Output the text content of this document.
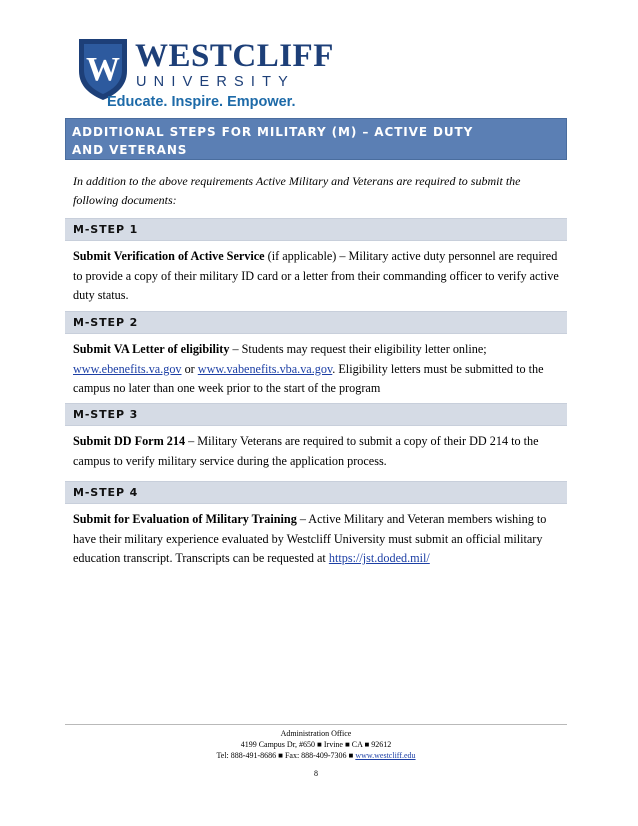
W WESTCLIFF
UNIVERSITY
Educate. Inspire. Empower.
ADDITIONAL STEPS FOR MILITARY (M) – ACTIVE DUTY AND VETERANS
In addition to the above requirements Active Military and Veterans are required to submit the following documents:
M-STEP 1
Submit Verification of Active Service (if applicable) – Military active duty personnel are required to provide a copy of their military ID card or a letter from their commanding officer to verify active duty status.
M-STEP 2
Submit VA Letter of eligibility – Students may request their eligibility letter online; www.ebenefits.va.gov or www.vabenefits.vba.va.gov. Eligibility letters must be submitted to the campus no later than one week prior to the start of the program
M-STEP 3
Submit DD Form 214 – Military Veterans are required to submit a copy of their DD 214 to the campus to verify military service during the application process.
M-STEP 4
Submit for Evaluation of Military Training – Active Military and Veteran members wishing to have their military experience evaluated by Westcliff University must submit an official military education transcript. Transcripts can be requested at https://jst.doded.mil/
Administration Office
4199 Campus Dr, #650 ■ Irvine ■ CA ■ 92612
Tel: 888-491-8686 ■ Fax: 888-409-7306 ■ www.westcliff.edu
8
